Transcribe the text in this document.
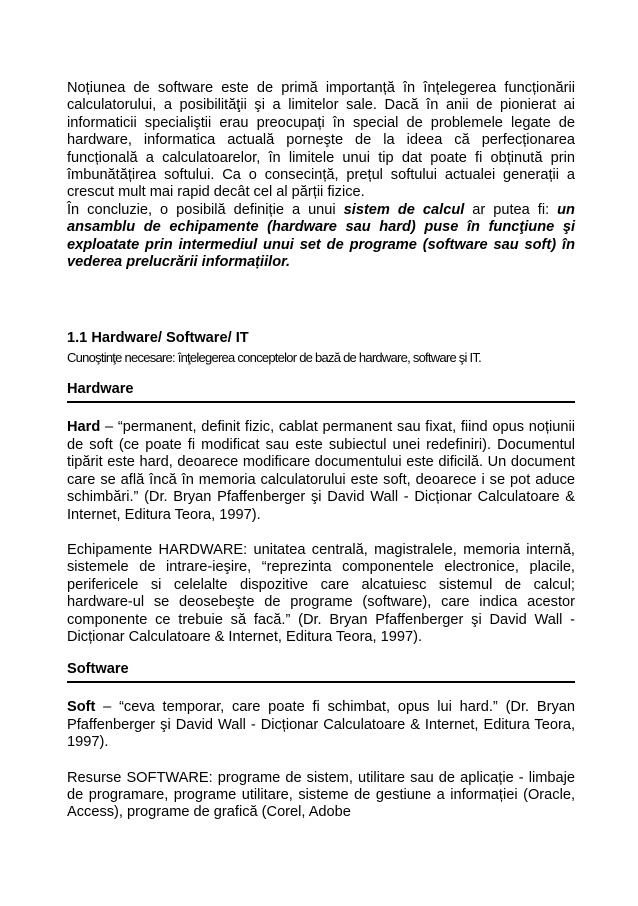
Noțiunea de software este de primă importanță în înțelegerea funcționării calculatorului, a posibilităţii şi a limitelor sale. Dacă în anii de pionierat ai informaticii specialiştii erau preocupați în special de problemele legate de hardware, informatica actuală porneşte de la ideea că perfecționarea funcțională a calculatoarelor, în limitele unui tip dat poate fi obținută prin îmbunătățirea softului. Ca o consecință, prețul softului actualei generații a crescut mult mai rapid decât cel al părții fizice.

În concluzie, o posibilă definiție a unui sistem de calcul ar putea fi: un ansamblu de echipamente (hardware sau hard) puse în funcţiune şi exploatate prin intermediul unui set de programe (software sau soft) în vederea prelucrării informațiilor.

1.1 Hardware/ Software/ IT

Cunoştinţe necesare: înţelegerea conceptelor de bază de hardware, software şi IT.

Hardware

Hard – “permanent, definit fizic, cablat permanent sau fixat, fiind opus noțiunii de soft (ce poate fi modificat sau este subiectul unei redefiniri). Documentul tipărit este hard, deoarece modificare documentului este dificilă. Un document care se află încă în memoria calculatorului este soft, deoarece i se pot aduce schimbări.” (Dr. Bryan Pfaffenberger şi David Wall - Dicționar Calculatoare & Internet, Editura Teora, 1997).

Echipamente HARDWARE: unitatea centrală, magistralele, memoria internă, sistemele de intrare-ieşire, “reprezinta componentele electronice, placile, perifericele si celelalte dispozitive care alcatuiesc sistemul de calcul; hardware-ul se deosebeşte de programe (software), care indica acestor componente ce trebuie să facă.” (Dr. Bryan Pfaffenberger şi David Wall - Dicționar Calculatoare & Internet, Editura Teora, 1997).

Software

Soft – “ceva temporar, care poate fi schimbat, opus lui hard.” (Dr. Bryan Pfaffenberger şi David Wall - Dicționar Calculatoare & Internet, Editura Teora, 1997).

Resurse SOFTWARE: programe de sistem, utilitare sau de aplicație - limbaje de programare, programe utilitare, sisteme de gestiune a informației (Oracle, Access), programe de grafică (Corel, Adobe
